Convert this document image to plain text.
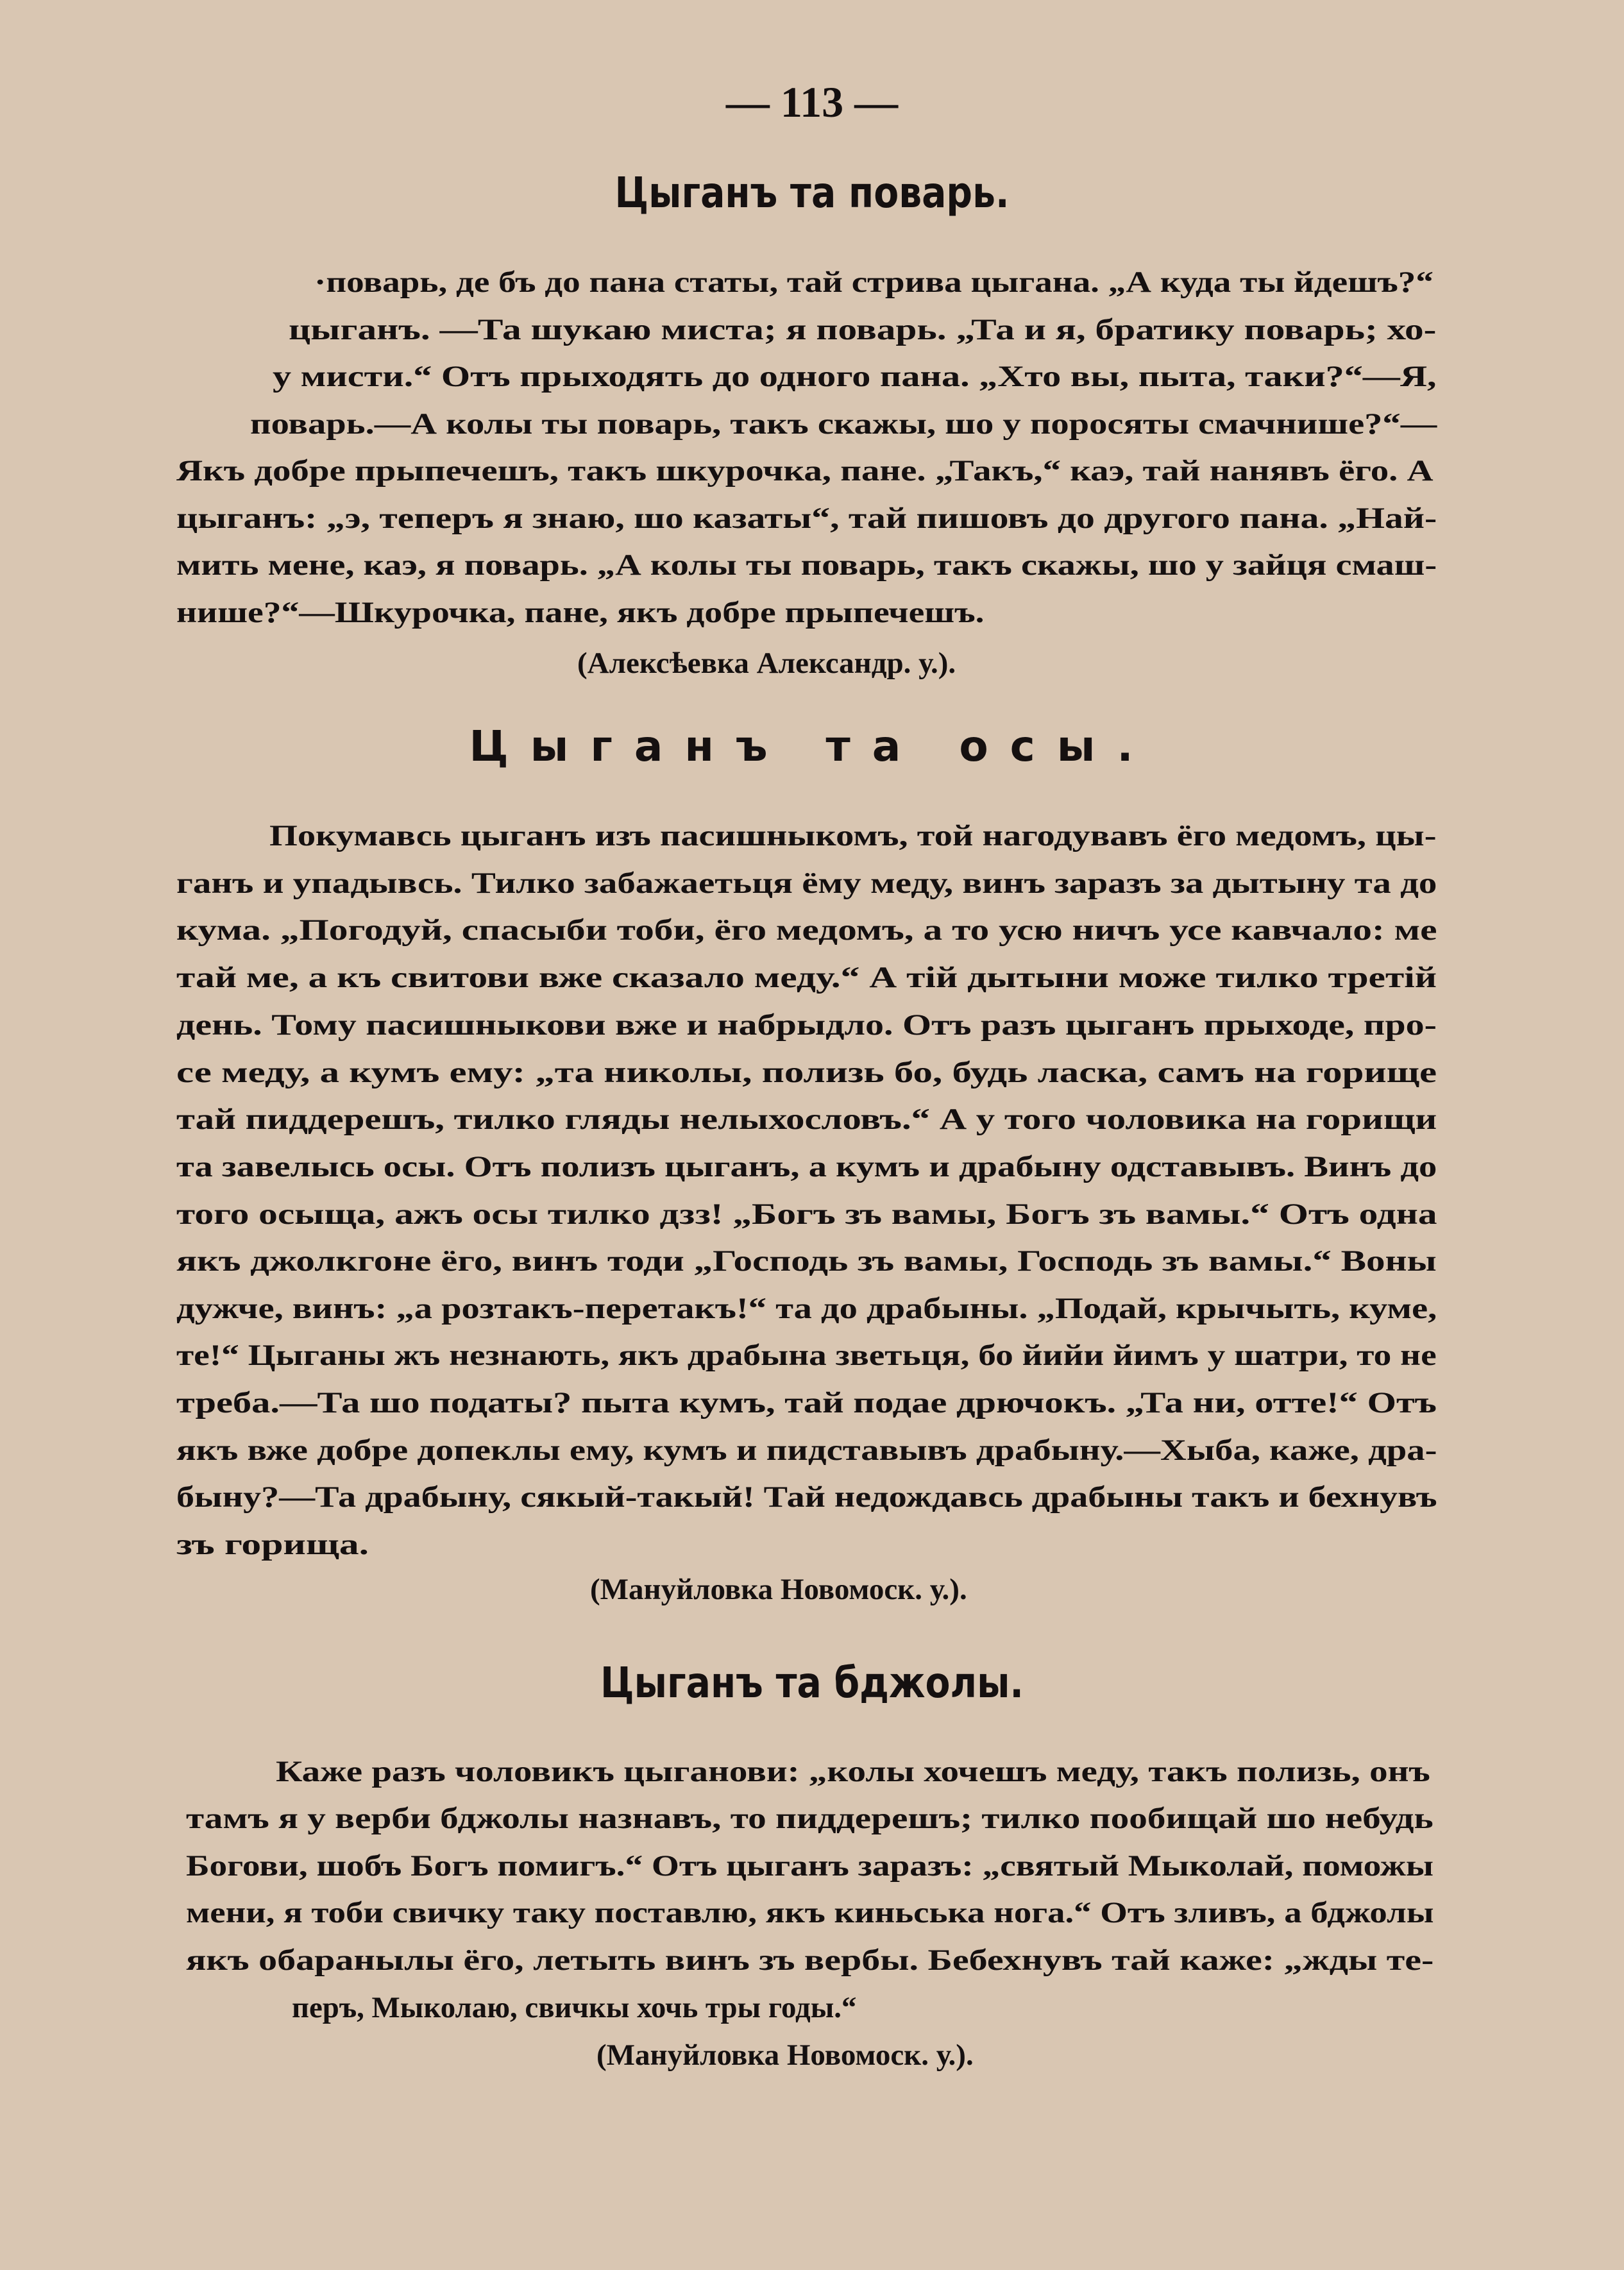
— 113 —
Цыганъ та поварь.
·поварь, де бъ до пана статы, тай стрива цыгана. „А куда ты йдешъ?“
цыганъ. —Та шукаю миста; я поварь. „Та и я, братику поварь; хо-
у мисти.“ Отъ прыходять до одного пана. „Хто вы, пыта, таки?“—Я,
поварь.—А колы ты поварь, такъ скажы, шо у поросяты смачнише?“—
Якъ добре прыпечешъ, такъ шкурочка, пане. „Такъ,“ каэ, тай нанявъ ёго. А
цыганъ: „э, теперъ я знаю, шо казаты“, тай пишовъ до другого пана. „Най-
мить мене, каэ, я поварь. „А колы ты поварь, такъ скажы, шо у зайця смаш-
нише?“—Шкурочка, пане, якъ добре прыпечешъ.
(Алексѣевка Александр. у.).
Цыганъ та осы.
Покумавсь цыганъ изъ пасишныкомъ, той нагодувавъ ёго медомъ, цы-
ганъ и упадывсь. Тилко забажаетьця ёму меду, винъ заразъ за дытыну та до
кума. „Погодуй, спасыби тоби, ёго медомъ, а то усю ничъ усе кавчало: ме
тай ме, а къ свитови вже сказало меду.“ А тій дытыни може тилко третій
день. Тому пасишныкови вже и набрыдло. Отъ разъ цыганъ прыходе, про-
се меду, а кумъ ему: „та николы, полизь бо, будь ласка, самъ на горище
тай пиддерешъ, тилко гляды нелыхословъ.“ А у того чоловика на горищи
та завелысь осы. Отъ полизъ цыганъ, а кумъ и драбыну одставывъ. Винъ до
того осыща, ажъ осы тилко дзз! „Богъ зъ вамы, Богъ зъ вамы.“ Отъ одна
якъ джолкгоне ёго, винъ тоди „Господь зъ вамы, Господь зъ вамы.“ Воны
дужче, винъ: „а розтакъ-перетакъ!“ та до драбыны. „Подай, крычыть, куме,
те!“ Цыганы жъ незнають, якъ драбына зветьця, бо йийи йимъ у шатри, то не
треба.—Та шо податы? пыта кумъ, тай подае дрючокъ. „Та ни, отте!“ Отъ
якъ вже добре допеклы ему, кумъ и пидставывъ драбыну.—Хыба, каже, дра-
быну?—Та драбыну, сякый-такый! Тай недождавсь драбыны такъ и бехнувъ
зъ горища.
(Мануйловка Новомоск. у.).
Цыганъ та бджолы.
Каже разъ чоловикъ цыганови: „колы хочешъ меду, такъ полизь, онъ
тамъ я у верби бджолы назнавъ, то пиддерешъ; тилко пообищай шо небудь
Богови, шобъ Богъ помигъ.“ Отъ цыганъ заразъ: „святый Мыколай, поможы
мени, я тоби свичку таку поставлю, якъ киньська нога.“ Отъ зливъ, а бджолы
якъ обаранылы ёго, летыть винъ зъ вербы. Бебехнувъ тай каже: „жды те-
перъ, Мыколаю, свичкы хочь тры годы.“
(Мануйловка Новомоск. у.).
